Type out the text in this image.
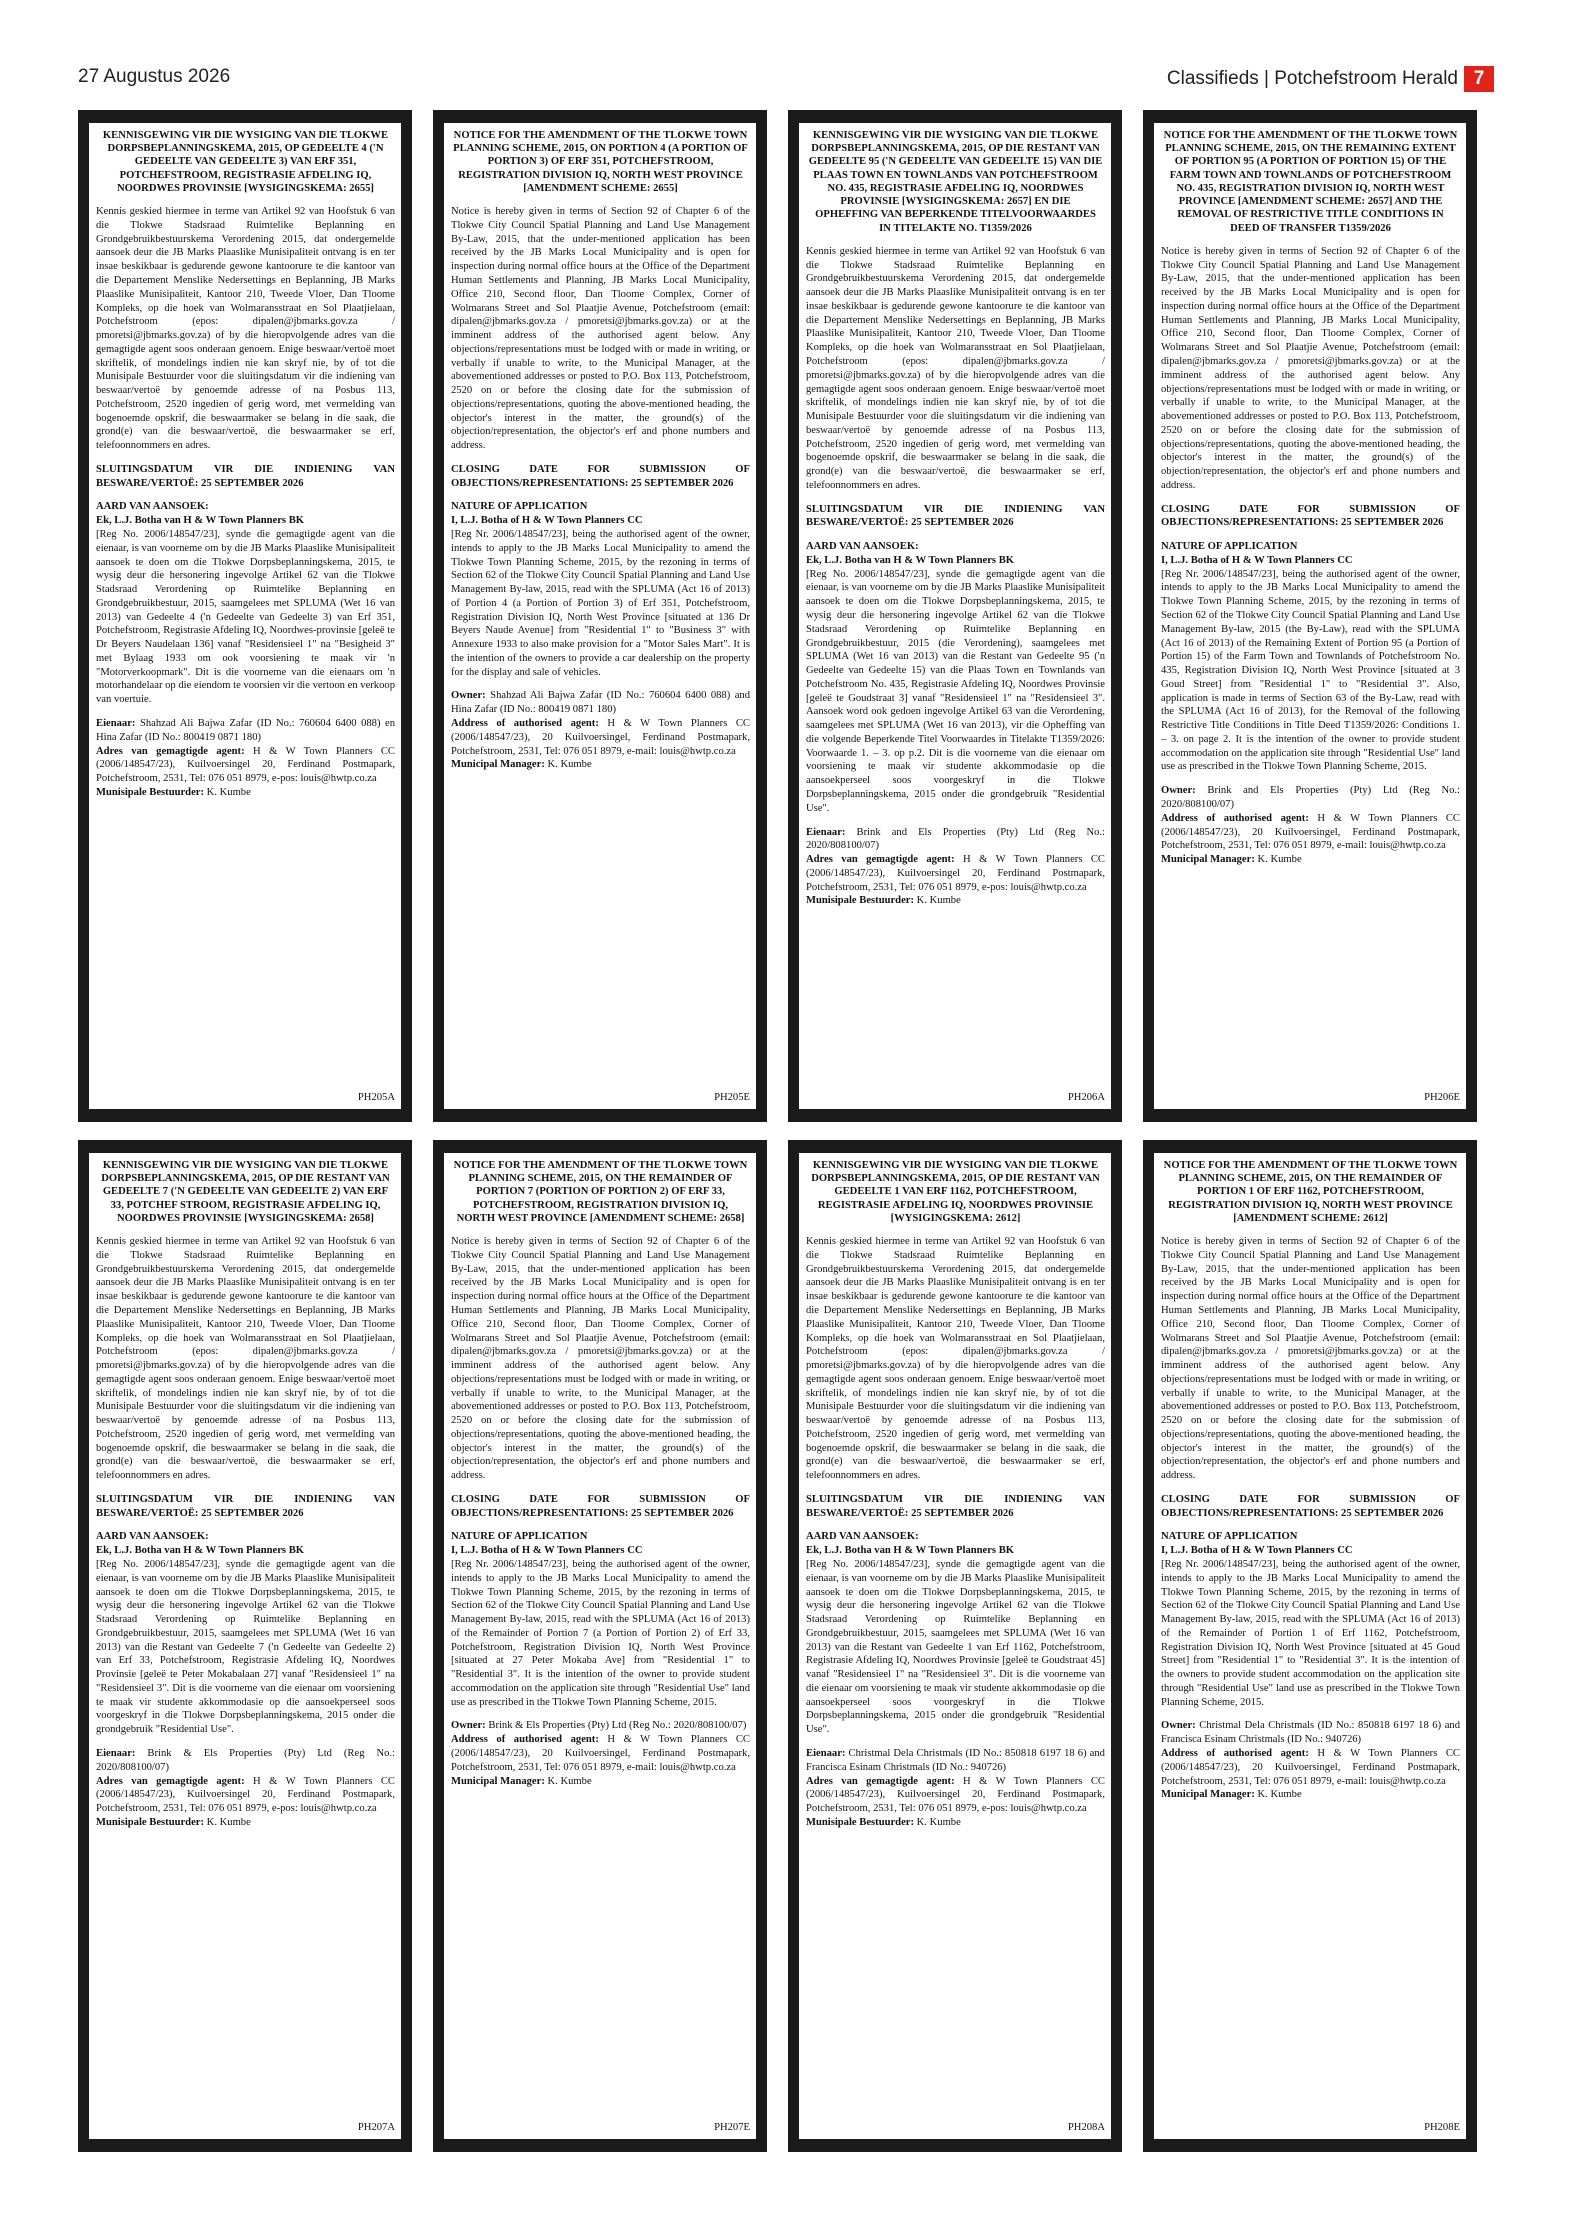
27 Augustus 2026	Classifieds | Potchefstroom Herald 7
KENNISGEWINGS • NOTICES
KENNISGEWING VIR DIE WYSIGING VAN DIE TLOKWE DORPSBEPLANNINGSKEMA, 2015, OP GEDEELTE 4 ('N GEDEELTE VAN GEDEELTE 3) VAN ERF 351, POTCHEFSTROOM, REGISTRASIE AFDELING IQ, NOORDWES PROVINSIE [WYSIGINGSKEMA: 2655]
Kennis geskied hiermee in terme van Artikel 92 van Hoofstuk 6 van die Tlokwe Stadsraad Ruimtelike Beplanning en Grondgebruikbestuurskema Verordening 2015, dat ondergemelde aansoek deur die JB Marks Plaaslike Munisipaliteit ontvang is en ter insae beskikbaar is gedurende gewone kantoorure te die kantoor van die Departement Menslike Nedersettings en Beplanning, JB Marks Plaaslike Munisipaliteit, Kantoor 210, Tweede Vloer, Dan Tloome Kompleks, op die hoek van Wolmaransstraat en Sol Plaatjielaan, Potchefstroom (epos: dipalen@jbmarks.gov.za / pmoretsi@jbmarks.gov.za) of by die hieropvolgende adres van die gemagtigde agent soos onderaan genoem. Enige beswaar/vertoë moet skriftelik, of mondelings indien nie kan skryf nie, by of tot die Munisipale Bestuurder voor die sluitingsdatum vir die indiening van beswaar/vertoë by genoemde adresse of na Posbus 113, Potchefstroom, 2520 ingedien of gerig word, met vermelding van bogenoemde opskrif, die beswaarmaker se belang in die saak, die grond(e) van die beswaar/vertoë, die beswaarmaker se erf, telefoonnommers en adres.
SLUITINGSDATUM VIR DIE INDIENING VAN BESWARE/VERTOË: 25 SEPTEMBER 2026
AARD VAN AANSOEK:
Ek, L.J. Botha van H & W Town Planners BK
[Reg No. 2006/148547/23], synde die gemagtigde agent van die eienaar, is van voorneme om by die JB Marks Plaaslike Munisipaliteit aansoek te doen om die Tlokwe Dorpsbeplanningskema, 2015, te wysig deur die hersonering ingevolge Artikel 62 van die Tlokwe Stadsraad Verordening op Ruimtelike Beplanning en Grondgebruikbestuur, 2015, saamgelees met SPLUMA (Wet 16 van 2013) van Gedeelte 4 ('n Gedeelte van Gedeelte 3) van Erf 351, Potchefstroom, Registrasie Afdeling IQ, Noordwes-provinsie [geleë te Dr Beyers Naudelaan 136] vanaf "Residensieel 1" na "Besigheid 3" met Bylaag 1933 om ook voorsiening te maak vir 'n "Motorverkoopmark". Dit is die voorneme van die eienaars om 'n motorhandelaar op die eiendom te voorsien vir die vertoon en verkoop van voertuie.
Eienaar: Shahzad Ali Bajwa Zafar (ID No.: 760604 6400 088) en Hina Zafar (ID No.: 800419 0871 180)
Adres van gemagtigde agent: H & W Town Planners CC (2006/148547/23), Kuilvoersingel 20, Ferdinand Postmapark, Potchefstroom, 2531, Tel: 076 051 8979, e-pos: louis@hwtp.co.za
Munisipale Bestuurder: K. Kumbe
PH205A
KENNISGEWINGS • NOTICES
KENNISGEWINGS • NOTICES
NOTICE FOR THE AMENDMENT OF THE TLOKWE TOWN PLANNING SCHEME, 2015, ON PORTION 4 (A PORTION OF PORTION 3) OF ERF 351, POTCHEFSTROOM, REGISTRATION DIVISION IQ, NORTH WEST PROVINCE [AMENDMENT SCHEME: 2655]
Notice is hereby given in terms of Section 92 of Chapter 6 of the Tlokwe City Council Spatial Planning and Land Use Management By-Law, 2015, that the under-mentioned application has been received by the JB Marks Local Municipality and is open for inspection during normal office hours at the Office of the Department Human Settlements and Planning, JB Marks Local Municipality, Office 210, Second floor, Dan Tloome Complex, Corner of Wolmarans Street and Sol Plaatjie Avenue, Potchefstroom (email: dipalen@jbmarks.gov.za / pmoretsi@jbmarks.gov.za) or at the imminent address of the authorised agent below. Any objections/representations must be lodged with or made in writing, or verbally if unable to write, to the Municipal Manager, at the abovementioned addresses or posted to P.O. Box 113, Potchefstroom, 2520 on or before the closing date for the submission of objections/representations, quoting the above-mentioned heading, the objector's interest in the matter, the ground(s) of the objection/representation, the objector's erf and phone numbers and address.
CLOSING DATE FOR SUBMISSION OF OBJECTIONS/REPRESENTATIONS: 25 SEPTEMBER 2026
NATURE OF APPLICATION
I, L.J. Botha of H & W Town Planners CC
[Reg Nr. 2006/148547/23], being the authorised agent of the owner, intends to apply to the JB Marks Local Municipality to amend the Tlokwe Town Planning Scheme, 2015, by the rezoning in terms of Section 62 of the Tlokwe City Council Spatial Planning and Land Use Management By-law, 2015, read with the SPLUMA (Act 16 of 2013) of Portion 4 (a Portion of Portion 3) of Erf 351, Potchefstroom, Registration Division IQ, North West Province [situated at 136 Dr Beyers Naude Avenue] from "Residential 1" to "Business 3" with Annexure 1933 to also make provision for a "Motor Sales Mart". It is the intention of the owners to provide a car dealership on the property for the display and sale of vehicles.
Owner: Shahzad Ali Bajwa Zafar (ID No.: 760604 6400 088) and Hina Zafar (ID No.: 800419 0871 180)
Address of authorised agent: H & W Town Planners CC (2006/148547/23), 20 Kuilvoersingel, Ferdinand Postmapark, Potchefstroom, 2531, Tel: 076 051 8979, e-mail: louis@hwtp.co.za
Municipal Manager: K. Kumbe
PH205E
KENNISGEWINGS • NOTICES
KENNISGEWINGS • NOTICES
KENNISGEWING VIR DIE WYSIGING VAN DIE TLOKWE DORPSBEPLANNINGSKEMA, 2015, OP DIE RESTANT VAN GEDEELTE 95 ('N GEDEELTE VAN GEDEELTE 15) VAN DIE PLAAS TOWN EN TOWNLANDS VAN POTCHEFSTROOM NO. 435, REGISTRASIE AFDELING IQ, NOORDWES PROVINSIE [WYSIGINGSKEMA: 2657] EN DIE OPHEFFING VAN BEPERKENDE TITELVOORWAARDES IN TITELAKTE NO. T1359/2026
Kennis geskied hiermee in terme van Artikel 92 van Hoofstuk 6 van die Tlokwe Stadsraad Ruimtelike Beplanning en Grondgebruikbestuurskema Verordening 2015, dat ondergemelde aansoek deur die JB Marks Plaaslike Munisipaliteit ontvang is en ter insae beskikbaar is gedurende gewone kantoorure te die kantoor van die Departement Menslike Nedersettings en Beplanning, JB Marks Plaaslike Munisipaliteit, Kantoor 210, Tweede Vloer, Dan Tloome Kompleks, op die hoek van Wolmaransstraat en Sol Plaatjielaan, Potchefstroom (epos: dipalen@jbmarks.gov.za / pmoretsi@jbmarks.gov.za) of by die hieropvolgende adres van die gemagtigde agent soos onderaan genoem. Enige beswaar/vertoë moet skriftelik, of mondelings indien nie kan skryf nie, by of tot die Munisipale Bestuurder voor die sluitingsdatum vir die indiening van beswaar/vertoë by genoemde adresse of na Posbus 113, Potchefstroom, 2520 ingedien of gerig word, met vermelding van bogenoemde opskrif, die beswaarmaker se belang in die saak, die grond(e) van die beswaar/vertoë, die beswaarmaker se erf, telefoonnommers en adres.
SLUITINGSDATUM VIR DIE INDIENING VAN BESWARE/VERTOË: 25 SEPTEMBER 2026
AARD VAN AANSOEK:
Ek, L.J. Botha van H & W Town Planners BK
[Reg No. 2006/148547/23], synde die gemagtigde agent van die eienaar, is van voorneme om by die JB Marks Plaaslike Munisipaliteit aansoek te doen om die Tlokwe Dorpsbeplanningskema, 2015, te wysig deur die hersonering ingevolge Artikel 62 van die Tlokwe Stadsraad Verordening op Ruimtelike Beplanning en Grondgebruikbestuur, 2015 (die Verordening), saamgelees met SPLUMA (Wet 16 van 2013) van die Restant van Gedeelte 95 ('n Gedeelte van Gedeelte 15) van die Plaas Town en Townlands van Potchefstroom No. 435, Registrasie Afdeling IQ, Noordwes Provinsie [geleë te Goudstraat 3] vanaf "Residensieel 1" na "Residensieel 3". Aansoek word ook gedoen ingevolge Artikel 63 van die Verordening, saamgelees met SPLUMA (Wet 16 van 2013), vir die Opheffing van die volgende Beperkende Titel Voorwaardes in Titelakte T1359/2026: Voorwaarde 1. – 3. op p.2. Dit is die voorneme van die eienaar om voorsiening te maak vir studente akkommodasie op die aansoekperseel soos voorgeskryf in die Tlokwe Dorpsbeplanningskema, 2015 onder die grondgebruik "Residential Use".
Eienaar: Brink and Els Properties (Pty) Ltd (Reg No.: 2020/808100/07)
Adres van gemagtigde agent: H & W Town Planners CC (2006/148547/23), Kuilvoersingel 20, Ferdinand Postmapark, Potchefstroom, 2531, Tel: 076 051 8979, e-pos: louis@hwtp.co.za
Munisipale Bestuurder: K. Kumbe
PH206A
KENNISGEWINGS • NOTICES
KENNISGEWINGS • NOTICES
NOTICE FOR THE AMENDMENT OF THE TLOKWE TOWN PLANNING SCHEME, 2015, ON THE REMAINING EXTENT OF PORTION 95 (A PORTION OF PORTION 15) OF THE FARM TOWN AND TOWNLANDS OF POTCHEFSTROOM NO. 435, REGISTRATION DIVISION IQ, NORTH WEST PROVINCE [AMENDMENT SCHEME: 2657] AND THE REMOVAL OF RESTRICTIVE TITLE CONDITIONS IN DEED OF TRANSFER T1359/2026
Notice is hereby given in terms of Section 92 of Chapter 6 of the Tlokwe City Council Spatial Planning and Land Use Management By-Law, 2015, that the under-mentioned application has been received by the JB Marks Local Municipality and is open for inspection during normal office hours at the Office of the Department Human Settlements and Planning, JB Marks Local Municipality, Office 210, Second floor, Dan Tloome Complex, Corner of Wolmarans Street and Sol Plaatjie Avenue, Potchefstroom (email: dipalen@jbmarks.gov.za / pmoretsi@jbmarks.gov.za) or at the imminent address of the authorised agent below. Any objections/representations must be lodged with or made in writing, or verbally if unable to write, to the Municipal Manager, at the abovementioned addresses or posted to P.O. Box 113, Potchefstroom, 2520 on or before the closing date for the submission of objections/representations, quoting the above-mentioned heading, the objector's interest in the matter, the ground(s) of the objection/representation, the objector's erf and phone numbers and address.
CLOSING DATE FOR SUBMISSION OF OBJECTIONS/REPRESENTATIONS: 25 SEPTEMBER 2026
NATURE OF APPLICATION
I, L.J. Botha of H & W Town Planners CC
[Reg Nr. 2006/148547/23], being the authorised agent of the owner, intends to apply to the JB Marks Local Municipality to amend the Tlokwe Town Planning Scheme, 2015, by the rezoning in terms of Section 62 of the Tlokwe City Council Spatial Planning and Land Use Management By-law, 2015 (the By-Law), read with the SPLUMA (Act 16 of 2013) of the Remaining Extent of Portion 95 (a Portion of Portion 15) of the Farm Town and Townlands of Potchefstroom No. 435, Registration Division IQ, North West Province [situated at 3 Goud Street] from "Residential 1" to "Residential 3". Also, application is made in terms of Section 63 of the By-Law, read with the SPLUMA (Act 16 of 2013), for the Removal of the following Restrictive Title Conditions in Title Deed T1359/2026: Conditions 1. – 3. on page 2. It is the intention of the owner to provide student accommodation on the application site through "Residential Use" land use as prescribed in the Tlokwe Town Planning Scheme, 2015.
Owner: Brink and Els Properties (Pty) Ltd (Reg No.: 2020/808100/07)
Address of authorised agent: H & W Town Planners CC (2006/148547/23), 20 Kuilvoersingel, Ferdinand Postmapark, Potchefstroom, 2531, Tel: 076 051 8979, e-mail: louis@hwtp.co.za
Municipal Manager: K. Kumbe
PH206E
KENNISGEWINGS • NOTICES
KENNISGEWINGS • NOTICES
KENNISGEWING VIR DIE WYSIGING VAN DIE TLOKWE DORPSBEPLANNINGSKEMA, 2015, OP DIE RESTANT VAN GEDEELTE 7 ('N GEDEELTE VAN GEDEELTE 2) VAN ERF 33, POTCHEF STROOM, REGISTRASIE AFDELING IQ, NOORDWES PROVINSIE [WYSIGINGSKEMA: 2658]
Kennis geskied hiermee in terme van Artikel 92 van Hoofstuk 6 van die Tlokwe Stadsraad Ruimtelike Beplanning en Grondgebruikbestuurskema Verordening 2015, dat ondergemelde aansoek deur die JB Marks Plaaslike Munisipaliteit ontvang is en ter insae beskikbaar is gedurende gewone kantoorure te die kantoor van die Departement Menslike Nedersettings en Beplanning, JB Marks Plaaslike Munisipaliteit, Kantoor 210, Tweede Vloer, Dan Tloome Kompleks, op die hoek van Wolmaransstraat en Sol Plaatjielaan, Potchefstroom (epos: dipalen@jbmarks.gov.za / pmoretsi@jbmarks.gov.za) of by die hieropvolgende adres van die gemagtigde agent soos onderaan genoem. Enige beswaar/vertoë moet skriftelik, of mondelings indien nie kan skryf nie, by of tot die Munisipale Bestuurder voor die sluitingsdatum vir die indiening van beswaar/vertoë by genoemde adresse of na Posbus 113, Potchefstroom, 2520 ingedien of gerig word, met vermelding van bogenoemde opskrif, die beswaarmaker se belang in die saak, die grond(e) van die beswaar/vertoë, die beswaarmaker se erf, telefoonnommers en adres.
SLUITINGSDATUM VIR DIE INDIENING VAN BESWARE/VERTOË: 25 SEPTEMBER 2026
AARD VAN AANSOEK:
Ek, L.J. Botha van H & W Town Planners BK
[Reg No. 2006/148547/23], synde die gemagtigde agent van die eienaar, is van voorneme om by die JB Marks Plaaslike Munisipaliteit aansoek te doen om die Tlokwe Dorpsbeplanningskema, 2015, te wysig deur die hersonering ingevolge Artikel 62 van die Tlokwe Stadsraad Verordening op Ruimtelike Beplanning en Grondgebruikbestuur, 2015, saamgelees met SPLUMA (Wet 16 van 2013) van die Restant van Gedeelte 7 ('n Gedeelte van Gedeelte 2) van Erf 33, Potchefstroom, Registrasie Afdeling IQ, Noordwes Provinsie [geleë te Peter Mokabalaan 27] vanaf "Residensieel 1" na "Residensieel 3". Dit is die voorneme van die eienaar om voorsiening te maak vir studente akkommodasie op die aansoekperseel soos voorgeskryf in die Tlokwe Dorpsbeplanningskema, 2015 onder die grondgebruik "Residential Use".
Eienaar: Brink & Els Properties (Pty) Ltd (Reg No.: 2020/808100/07)
Adres van gemagtigde agent: H & W Town Planners CC (2006/148547/23), Kuilvoersingel 20, Ferdinand Postmapark, Potchefstroom, 2531, Tel: 076 051 8979, e-pos: louis@hwtp.co.za
Munisipale Bestuurder: K. Kumbe
PH207A
KENNISGEWINGS • NOTICES
KENNISGEWINGS • NOTICES
NOTICE FOR THE AMENDMENT OF THE TLOKWE TOWN PLANNING SCHEME, 2015, ON THE REMAINDER OF PORTION 7 (PORTION OF PORTION 2) OF ERF 33, POTCHEFSTROOM, REGISTRATION DIVISION IQ, NORTH WEST PROVINCE [AMENDMENT SCHEME: 2658]
Notice is hereby given in terms of Section 92 of Chapter 6 of the Tlokwe City Council Spatial Planning and Land Use Management By-Law, 2015, that the under-mentioned application has been received by the JB Marks Local Municipality and is open for inspection during normal office hours at the Office of the Department Human Settlements and Planning, JB Marks Local Municipality, Office 210, Second floor, Dan Tloome Complex, Corner of Wolmarans Street and Sol Plaatjie Avenue, Potchefstroom (email: dipalen@jbmarks.gov.za / pmoretsi@jbmarks.gov.za) or at the imminent address of the authorised agent below. Any objections/representations must be lodged with or made in writing, or verbally if unable to write, to the Municipal Manager, at the abovementioned addresses or posted to P.O. Box 113, Potchefstroom, 2520 on or before the closing date for the submission of objections/representations, quoting the above-mentioned heading, the objector's interest in the matter, the ground(s) of the objection/representation, the objector's erf and phone numbers and address.
CLOSING DATE FOR SUBMISSION OF OBJECTIONS/REPRESENTATIONS: 25 SEPTEMBER 2026
NATURE OF APPLICATION
I, L.J. Botha of H & W Town Planners CC
[Reg Nr. 2006/148547/23], being the authorised agent of the owner, intends to apply to the JB Marks Local Municipality to amend the Tlokwe Town Planning Scheme, 2015, by the rezoning in terms of Section 62 of the Tlokwe City Council Spatial Planning and Land Use Management By-law, 2015, read with the SPLUMA (Act 16 of 2013) of the Remainder of Portion 7 (a Portion of Portion 2) of Erf 33, Potchefstroom, Registration Division IQ, North West Province [situated at 27 Peter Mokaba Ave] from "Residential 1" to "Residential 3". It is the intention of the owner to provide student accommodation on the application site through "Residential Use" land use as prescribed in the Tlokwe Town Planning Scheme, 2015.
Owner: Brink & Els Properties (Pty) Ltd (Reg No.: 2020/808100/07)
Address of authorised agent: H & W Town Planners CC (2006/148547/23), 20 Kuilvoersingel, Ferdinand Postmapark, Potchefstroom, 2531, Tel: 076 051 8979, e-mail: louis@hwtp.co.za
Municipal Manager: K. Kumbe
PH207E
KENNISGEWINGS • NOTICES
KENNISGEWINGS • NOTICES
KENNISGEWING VIR DIE WYSIGING VAN DIE TLOKWE DORPSBEPLANNINGSKEMA, 2015, OP DIE RESTANT VAN GEDEELTE 1 VAN ERF 1162, POTCHEFSTROOM, REGISTRASIE AFDELING IQ, NOORDWES PROVINSIE [WYSIGINGSKEMA: 2612]
Kennis geskied hiermee in terme van Artikel 92 van Hoofstuk 6 van die Tlokwe Stadsraad Ruimtelike Beplanning en Grondgebruikbestuurskema Verordening 2015, dat ondergemelde aansoek deur die JB Marks Plaaslike Munisipaliteit ontvang is en ter insae beskikbaar is gedurende gewone kantoorure te die kantoor van die Departement Menslike Nedersettings en Beplanning, JB Marks Plaaslike Munisipaliteit, Kantoor 210, Tweede Vloer, Dan Tloome Kompleks, op die hoek van Wolmaransstraat en Sol Plaatjielaan, Potchefstroom (epos: dipalen@jbmarks.gov.za / pmoretsi@jbmarks.gov.za) of by die hieropvolgende adres van die gemagtigde agent soos onderaan genoem. Enige beswaar/vertoë moet skriftelik, of mondelings indien nie kan skryf nie, by of tot die Munisipale Bestuurder voor die sluitingsdatum vir die indiening van beswaar/vertoë by genoemde adresse of na Posbus 113, Potchefstroom, 2520 ingedien of gerig word, met vermelding van bogenoemde opskrif, die beswaarmaker se belang in die saak, die grond(e) van die beswaar/vertoë, die beswaarmaker se erf, telefoonnommers en adres.
SLUITINGSDATUM VIR DIE INDIENING VAN BESWARE/VERTOË: 25 SEPTEMBER 2026
AARD VAN AANSOEK:
Ek, L.J. Botha van H & W Town Planners BK
[Reg No. 2006/148547/23], synde die gemagtigde agent van die eienaar, is van voorneme om by die JB Marks Plaaslike Munisipaliteit aansoek te doen om die Tlokwe Dorpsbeplanningskema, 2015, te wysig deur die hersonering ingevolge Artikel 62 van die Tlokwe Stadsraad Verordening op Ruimtelike Beplanning en Grondgebruikbestuur, 2015, saamgelees met SPLUMA (Wet 16 van 2013) van die Restant van Gedeelte 1 van Erf 1162, Potchefstroom, Registrasie Afdeling IQ, Noordwes Provinsie [geleë te Goudstraat 45] vanaf "Residensieel 1" na "Residensieel 3". Dit is die voorneme van die eienaar om voorsiening te maak vir studente akkommodasie op die aansoekperseel soos voorgeskryf in die Tlokwe Dorpsbeplanningskema, 2015 onder die grondgebruik "Residential Use".
Eienaar: Christmal Dela Christmals (ID No.: 850818 6197 18 6) and Francisca Esinam Christmals (ID No.: 940726)
Adres van gemagtigde agent: H & W Town Planners CC (2006/148547/23), Kuilvoersingel 20, Ferdinand Postmapark, Potchefstroom, 2531, Tel: 076 051 8979, e-pos: louis@hwtp.co.za
Munisipale Bestuurder: K. Kumbe
PH208A
KENNISGEWINGS • NOTICES
KENNISGEWINGS • NOTICES
NOTICE FOR THE AMENDMENT OF THE TLOKWE TOWN PLANNING SCHEME, 2015, ON THE REMAINDER OF PORTION 1 OF ERF 1162, POTCHEFSTROOM, REGISTRATION DIVISION IQ, NORTH WEST PROVINCE [AMENDMENT SCHEME: 2612]
Notice is hereby given in terms of Section 92 of Chapter 6 of the Tlokwe City Council Spatial Planning and Land Use Management By-Law, 2015, that the under-mentioned application has been received by the JB Marks Local Municipality and is open for inspection during normal office hours at the Office of the Department Human Settlements and Planning, JB Marks Local Municipality, Office 210, Second floor, Dan Tloome Complex, Corner of Wolmarans Street and Sol Plaatjie Avenue, Potchefstroom (email: dipalen@jbmarks.gov.za / pmoretsi@jbmarks.gov.za) or at the imminent address of the authorised agent below. Any objections/representations must be lodged with or made in writing, or verbally if unable to write, to the Municipal Manager, at the abovementioned addresses or posted to P.O. Box 113, Potchefstroom, 2520 on or before the closing date for the submission of objections/representations, quoting the above-mentioned heading, the objector's interest in the matter, the ground(s) of the objection/representation, the objector's erf and phone numbers and address.
CLOSING DATE FOR SUBMISSION OF OBJECTIONS/REPRESENTATIONS: 25 SEPTEMBER 2026
NATURE OF APPLICATION
I, L.J. Botha of H & W Town Planners CC
[Reg Nr. 2006/148547/23], being the authorised agent of the owner, intends to apply to the JB Marks Local Municipality to amend the Tlokwe Town Planning Scheme, 2015, by the rezoning in terms of Section 62 of the Tlokwe City Council Spatial Planning and Land Use Management By-law, 2015, read with the SPLUMA (Act 16 of 2013) of the Remainder of Portion 1 of Erf 1162, Potchefstroom, Registration Division IQ, North West Province [situated at 45 Goud Street] from "Residential 1" to "Residential 3". It is the intention of the owners to provide student accommodation on the application site through "Residential Use" land use as prescribed in the Tlokwe Town Planning Scheme, 2015.
Owner: Christmal Dela Christmals (ID No.: 850818 6197 18 6) and Francisca Esinam Christmals (ID No.: 940726)
Address of authorised agent: H & W Town Planners CC (2006/148547/23), 20 Kuilvoersingel, Ferdinand Postmapark, Potchefstroom, 2531, Tel: 076 051 8979, e-mail: louis@hwtp.co.za
Municipal Manager: K. Kumbe
PH208E
KENNISGEWINGS • NOTICES
